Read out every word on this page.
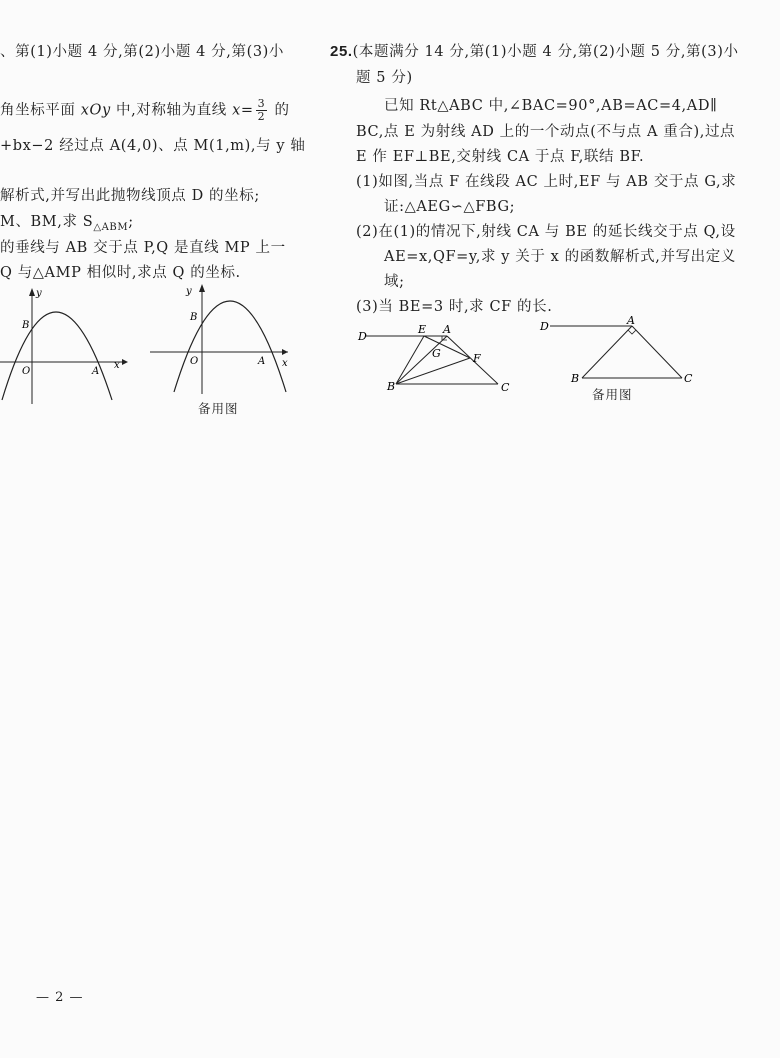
、第(1)小题 4 分,第(2)小题 4 分,第(3)小
角坐标平面 xOy 中,对称轴为直线 $x= \frac{3}{2}$ 的
+bx−2 经过点 A(4,0)、点 M(1,m),与 y 轴
解析式,并写出此抛物线顶点 D 的坐标;
M、BM,求 $S_{\triangle ABM}$;
的垂线与 AB 交于点 P,Q 是直线 MP 上一
Q 与△AMP 相似时,求点 Q 的坐标.
y
x
B
O	A
y
x
B
O	A
备用图
25.(本题满分 14 分,第(1)小题 4 分,第(2)小题 5 分,第(3)小
题 5 分)
已知 Rt△ABC 中,∠BAC=90°,AB=AC=4,AD∥
BC,点 E 为射线 AD 上的一个动点(不与点 A 重合),过点
E 作 EF⊥BE,交射线 CA 于点 F,联结 BF.
(1)如图,当点 F 在线段 AC 上时,EF 与 AB 交于点 G,求
证:△AEG∽△FBG;
(2)在(1)的情况下,射线 CA 与 BE 的延长线交于点 Q,设
AE=x,QF=y,求 y 关于 x 的函数解析式,并写出定义
域;
(3)当 BE=3 时,求 CF 的长.
D
E A
G	F
B	C
D	A
B	C
备用图
— 2 —
